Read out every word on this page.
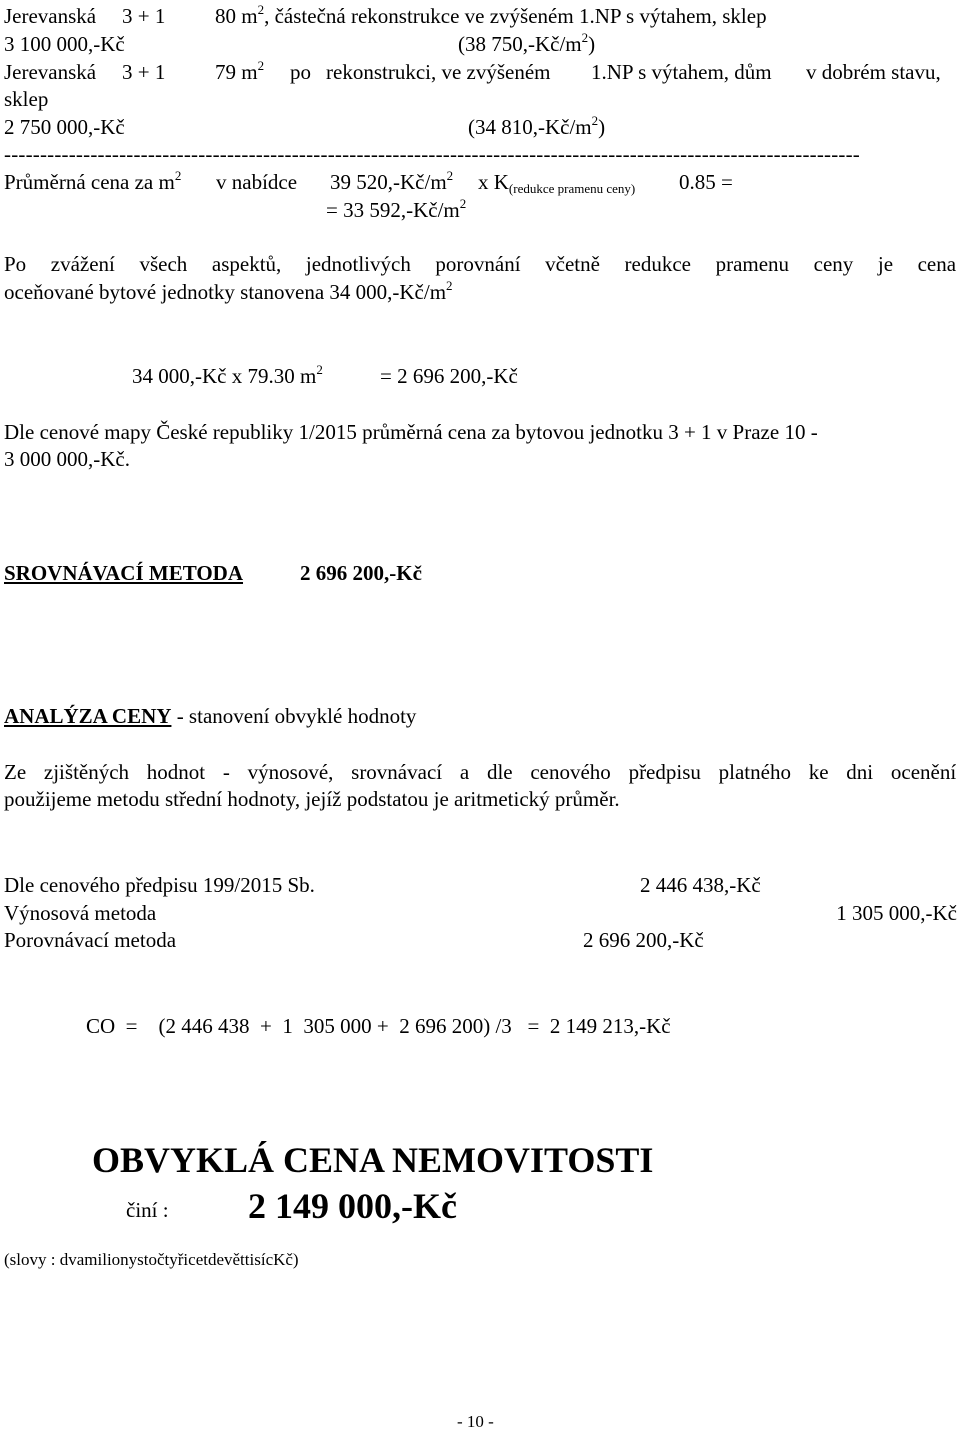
Jerevanská 3 + 1 80 $m^2$, částečná rekonstrukce ve zvýšeném 1.NP s výtahem, sklep
3 100 000,-Kč	(38 $750,-Kč/m^2$)
Jerevanská 3 + 1 79 $m^2$ po rekonstrukci, ve zvýšeném 1.NP s výtahem, dům v dobrém stavu,
sklep
2 750 000,-Kč	(34 $810,-Kč/m^2$)
-----------------------------------------------------------------------------------------------------------------------
Průměrná cena za $m^2$ v nabídce 39 $520,-Kč/m^2$ x $K_{(redukce pramenu ceny)}$ 0.85 =
= 33 $592,-Kč/m^2$
Po zvážení všech aspektů, jednotlivých porovnání včetně redukce pramenu ceny je cena
oceňované bytové jednotky stanovena 34 $000,-Kč/m^2$
34 000,-Kč x 79.30 $m^2$	= 2 696 200,-Kč
Dle cenové mapy České republiky 1/2015 průměrná cena za bytovou jednotku 3 + 1 v Praze 10 -
3 000 000,-Kč.
SROVNÁVACÍ METODA	2 696 200,-Kč
ANALÝZA CENY - stanovení obvyklé hodnoty
Ze zjištěných hodnot - výnosové, srovnávací a dle cenového předpisu platného ke dni ocenění
použijeme metodu střední hodnoty, jejíž podstatou je aritmetický průměr.
Dle cenového předpisu 199/2015 Sb.	2 446 438,-Kč
Výnosová metoda	1 305 000,-Kč
Porovnávací metoda	2 696 200,-Kč
CO  =    (2 446 438  +  1  305 000 +  2 696 200) /3   =  2 149 213,-Kč
OBVYKLÁ CENA NEMOVITOSTI
činí : 2 149 000,-Kč
(slovy : dvamilionystočtyřicetdevěttisícKč)
- 10 -
